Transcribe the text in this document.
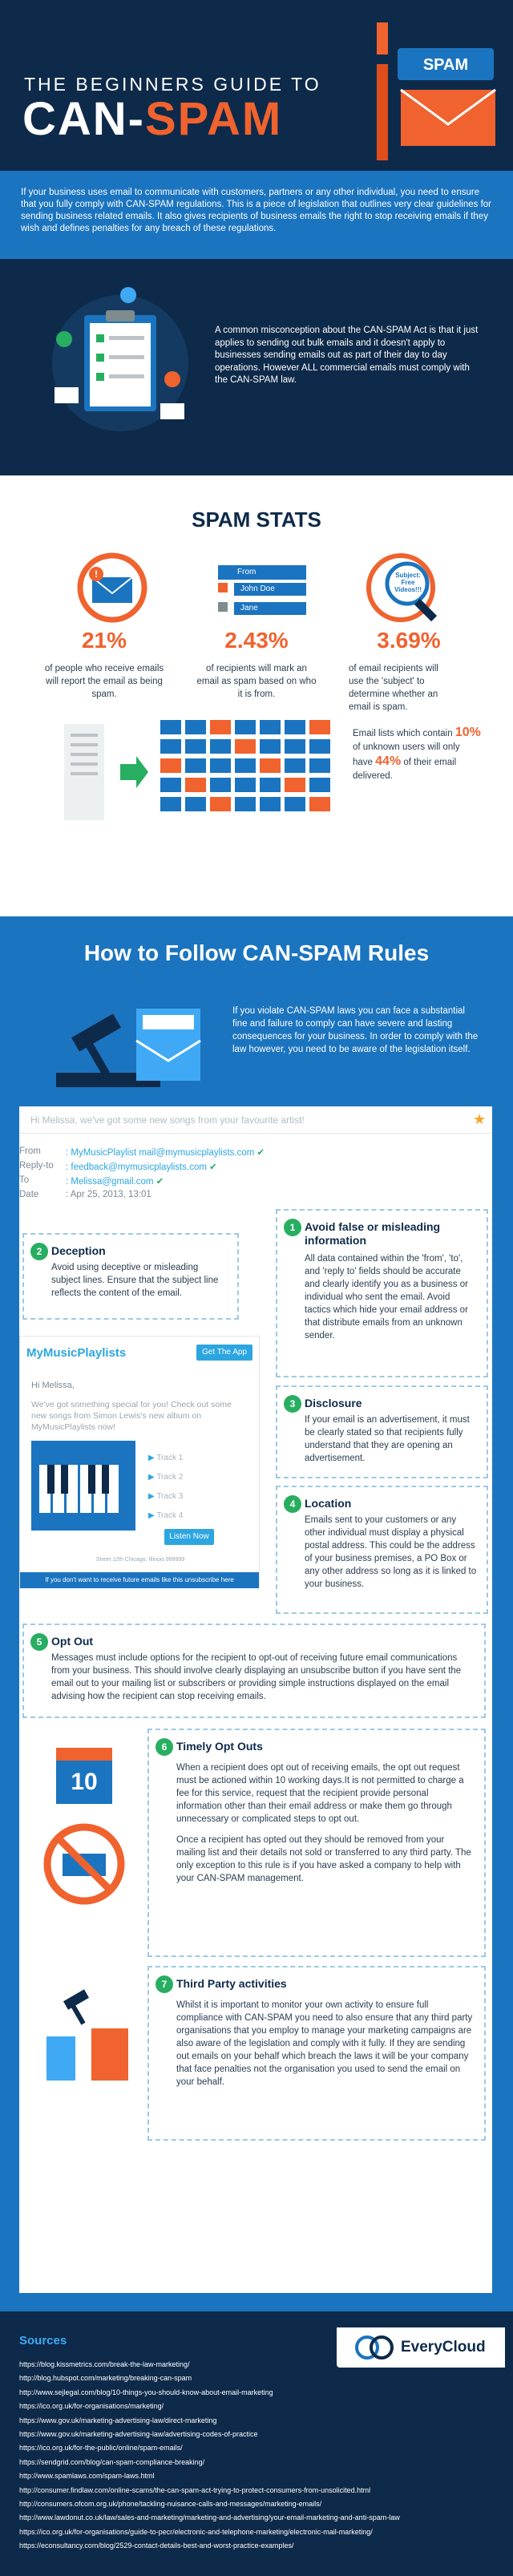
THE BEGINNERS GUIDE TO
CAN-SPAM
SPAM

If your business uses email to communicate with customers, partners or any other individual, you need to ensure that you fully comply with CAN-SPAM regulations. This is a piece of legislation that outlines very clear guidelines for sending business related emails. It also gives recipients of business emails the right to stop receiving emails if they wish and defines penalties for any breach of these regulations.

A common misconception about the CAN-SPAM Act is that it just applies to sending out bulk emails and it doesn't apply to businesses sending emails out as part of their day to day operations. However ALL commercial emails must comply with the CAN-SPAM law.

SPAM STATS
!	From
John Doe
Jane
Subject: Free Videos!!!
21%	2.43%	3.69%
of people who receive emails will report the email as being spam.
of recipients will mark an email as spam based on who it is from.
of email recipients will use the 'subject' to determine whether an email is spam.
Email lists which contain 10% of unknown users will only have 44% of their email delivered.
How to Follow CAN-SPAM Rules
If you violate CAN-SPAM laws you can face a substantial fine and failure to comply can have severe and lasting consequences for your business. In order to comply with the law however, you need to be aware of the legislation itself.
Hi Melissa, we've got some new songs from your favourite artist!	★
From	: MyMusicPlaylist mail@mymusicplaylists.com ✔
Reply-to : feedback@mymusicplaylists.com ✔
To	: Melissa@gmail.com ✔
Date	: Apr 25, 2013, 13:01
1 Avoid false or misleading information

All data contained within the 'from', 'to', and 'reply to' fields should be accurate and clearly identify you as a business or individual who sent the email. Avoid tactics which hide your email address or that distribute emails from an unknown sender.

2 Deception

Avoid using deceptive or misleading subject lines. Ensure that the subject line reflects the content of the email.

MyMusicPlaylists	Get The App
Hi Melissa,
We've got something special for you! Check out some new songs from Simon Lewis's new album on MyMusicPlaylists now!
▶ Track 1
▶ Track 2
▶ Track 3
▶ Track 4
Listen Now
Street 12th Chicago, Illinois 999999
If you don't want to receive future emails like this unsubscribe here
3 Disclosure

If your email is an advertisement, it must be clearly stated so that recipients fully understand that they are opening an advertisement.

4 Location

Emails sent to your customers or any other individual must display a physical postal address. This could be the address of your business premises, a PO Box or any other address so long as it is linked to your business.

5 Opt Out

Messages must include options for the recipient to opt-out of receiving future email communications from your business. This should involve clearly displaying an unsubscribe button if you have sent the email out to your mailing list or subscribers or providing simple instructions displayed on the email advising how the recipient can stop receiving emails.

6 Timely Opt Outs

When a recipient does opt out of receiving emails, the opt out request must be actioned within 10 working days.It is not permitted to charge a fee for this service, request that the recipient provide personal information other than their email address or make them go through unnecessary or complicated steps to opt out.

Once a recipient has opted out they should be removed from your mailing list and their details not sold or transferred to any third party. The only exception to this rule is if you have asked a company to help with your CAN-SPAM management.

10
7 Third Party activities

Whilst it is important to monitor your own activity to ensure full compliance with CAN-SPAM you need to also ensure that any third party organisations that you employ to manage your marketing campaigns are also aware of the legislation and comply with it fully. If they are sending out emails on your behalf which breach the laws it will be your company that face penalties not the organisation you used to send the email on your behalf.

Sources	EveryCloud
https://blog.kissmetrics.com/break-the-law-marketing/
http://blog.hubspot.com/marketing/breaking-can-spam
http://www.sejlegal.com/blog/10-things-you-should-know-about-email-marketing
https://ico.org.uk/for-organisations/marketing/
https://www.gov.uk/marketing-advertising-law/direct-marketing
https://www.gov.uk/marketing-advertising-law/advertising-codes-of-practice
https://ico.org.uk/for-the-public/online/spam-emails/
https://sendgrid.com/blog/can-spam-compliance-breaking/
http://www.spamlaws.com/spam-laws.html
http://consumer.findlaw.com/online-scams/the-can-spam-act-trying-to-protect-consumers-from-unsolicited.html
http://consumers.ofcom.org.uk/phone/tackling-nuisance-calls-and-messages/marketing-emails/
http://www.lawdonut.co.uk/law/sales-and-marketing/marketing-and-advertising/your-email-marketing-and-anti-spam-law
https://ico.org.uk/for-organisations/guide-to-pecr/electronic-and-telephone-marketing/electronic-mail-marketing/
https://econsultancy.com/blog/2529-contact-details-best-and-worst-practice-examples/
